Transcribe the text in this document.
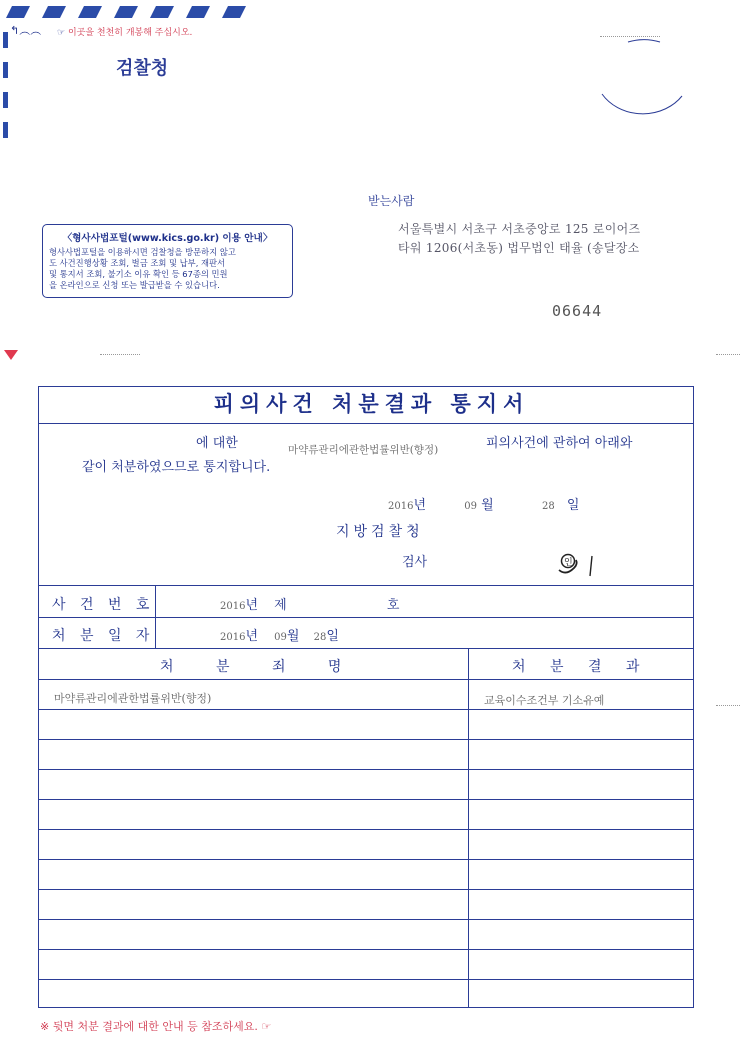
↰︵︵ ☞ 이곳을 천천히 개봉해 주십시오.
검찰청
받는사람
서울특별시 서초구 서초중앙로 125 로이어즈
타워 1206(서초동) 법무법인 태율 (송달장소
06644
〈형사사법포털(www.kics.go.kr) 이용 안내〉
형사사법포털을 이용하시면 검찰청을 방문하지 않고
도 사건진행상황 조회, 벌금 조회 및 납부, 재판서
및 통지서 조회, 불기소 이유 확인 등 67종의 민원
을 온라인으로 신청 또는 발급받을 수 있습니다.
피의사건 처분결과 통지서
에 대한	마약류관리에관한법률위반(향정)	피의사건에 관하여 아래와
같이 처분하였으므로 통지합니다.
2016년	09 월	28 일
지방검찰청
검사	인
사 건 번 호	2016년 제	호
처 분 일 자	2016년 09월 28일
처 분 죄 명	처 분 결 과
마약류관리에관한법률위반(향정)	교육이수조건부 기소유예
※ 뒷면 처분 결과에 대한 안내 등 참조하세요. ☞
